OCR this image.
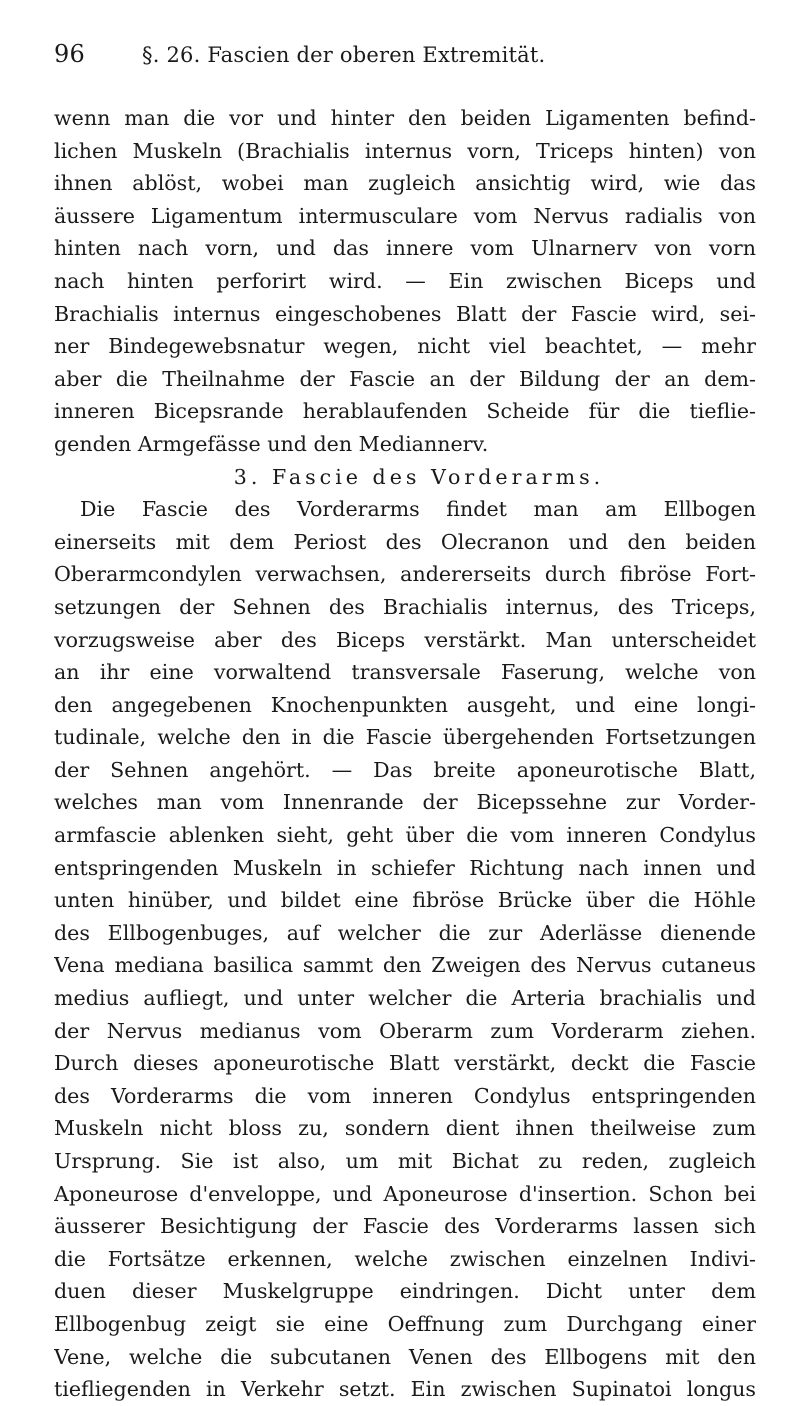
96	§. 26. Fascien der oberen Extremität.
wenn man die vor und hinter den beiden Ligamenten befind-
lichen Muskeln (Brachialis internus vorn, Triceps hinten) von
ihnen ablöst, wobei man zugleich ansichtig wird, wie das
äussere Ligamentum intermusculare vom Nervus radialis von
hinten nach vorn, und das innere vom Ulnarnerv von vorn
nach hinten perforirt wird. — Ein zwischen Biceps und
Brachialis internus eingeschobenes Blatt der Fascie wird, sei-
ner Bindegewebsnatur wegen, nicht viel beachtet, — mehr
aber die Theilnahme der Fascie an der Bildung der an dem-
inneren Bicepsrande herablaufenden Scheide für die tieflie-
genden Armgefässe und den Mediannerv.
3. Fascie des Vorderarms.
Die Fascie des Vorderarms findet man am Ellbogen
einerseits mit dem Periost des Olecranon und den beiden
Oberarmcondylen verwachsen, andererseits durch fibröse Fort-
setzungen der Sehnen des Brachialis internus, des Triceps,
vorzugsweise aber des Biceps verstärkt. Man unterscheidet
an ihr eine vorwaltend transversale Faserung, welche von
den angegebenen Knochenpunkten ausgeht, und eine longi-
tudinale, welche den in die Fascie übergehenden Fortsetzungen
der Sehnen angehört. — Das breite aponeurotische Blatt,
welches man vom Innenrande der Bicepssehne zur Vorder-
armfascie ablenken sieht, geht über die vom inneren Condylus
entspringenden Muskeln in schiefer Richtung nach innen und
unten hinüber, und bildet eine fibröse Brücke über die Höhle
des Ellbogenbuges, auf welcher die zur Aderlässe dienende
Vena mediana basilica sammt den Zweigen des Nervus cutaneus
medius aufliegt, und unter welcher die Arteria brachialis und
der Nervus medianus vom Oberarm zum Vorderarm ziehen.
Durch dieses aponeurotische Blatt verstärkt, deckt die Fascie
des Vorderarms die vom inneren Condylus entspringenden
Muskeln nicht bloss zu, sondern dient ihnen theilweise zum
Ursprung. Sie ist also, um mit Bichat zu reden, zugleich
Aponeurose d'enveloppe, und Aponeurose d'insertion. Schon bei
äusserer Besichtigung der Fascie des Vorderarms lassen sich
die Fortsätze erkennen, welche zwischen einzelnen Indivi-
duen dieser Muskelgruppe eindringen. Dicht unter dem
Ellbogenbug zeigt sie eine Oeffnung zum Durchgang einer
Vene, welche die subcutanen Venen des Ellbogens mit den
tiefliegenden in Verkehr setzt. Ein zwischen Supinatoi longus
